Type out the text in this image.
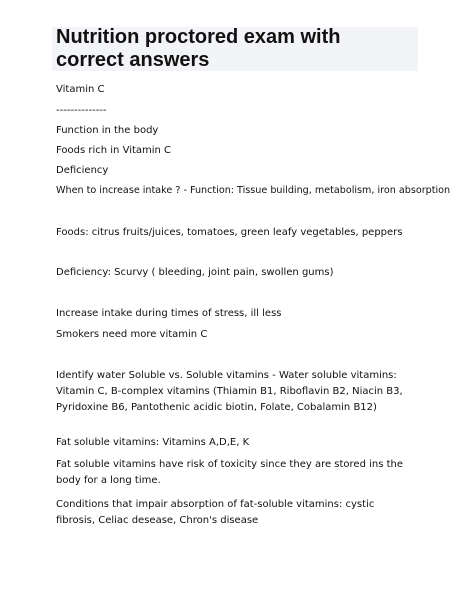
Nutrition proctored exam with  correct answers

Vitamin C

--------------

Function in the body

Foods rich in Vitamin C

Deficiency

When to increase intake ? - Function: Tissue building, metabolism, iron absorption

Foods: citrus fruits/juices, tomatoes, green leafy vegetables, peppers

Deficiency: Scurvy ( bleeding, joint pain, swollen gums)

Increase intake during times of stress, ill less

Smokers need more vitamin C

Identify water Soluble vs. Soluble vitamins - Water soluble vitamins: Vitamin C, B-complex vitamins (Thiamin B1, Riboflavin B2, Niacin B3, Pyridoxine B6, Pantothenic acidic biotin, Folate, Cobalamin B12)

Fat soluble vitamins: Vitamins A,D,E, K

Fat soluble vitamins have risk of toxicity since they are stored ins the body for a long time.

Conditions that impair absorption of fat-soluble vitamins: cystic fibrosis, Celiac desease, Chron's disease
